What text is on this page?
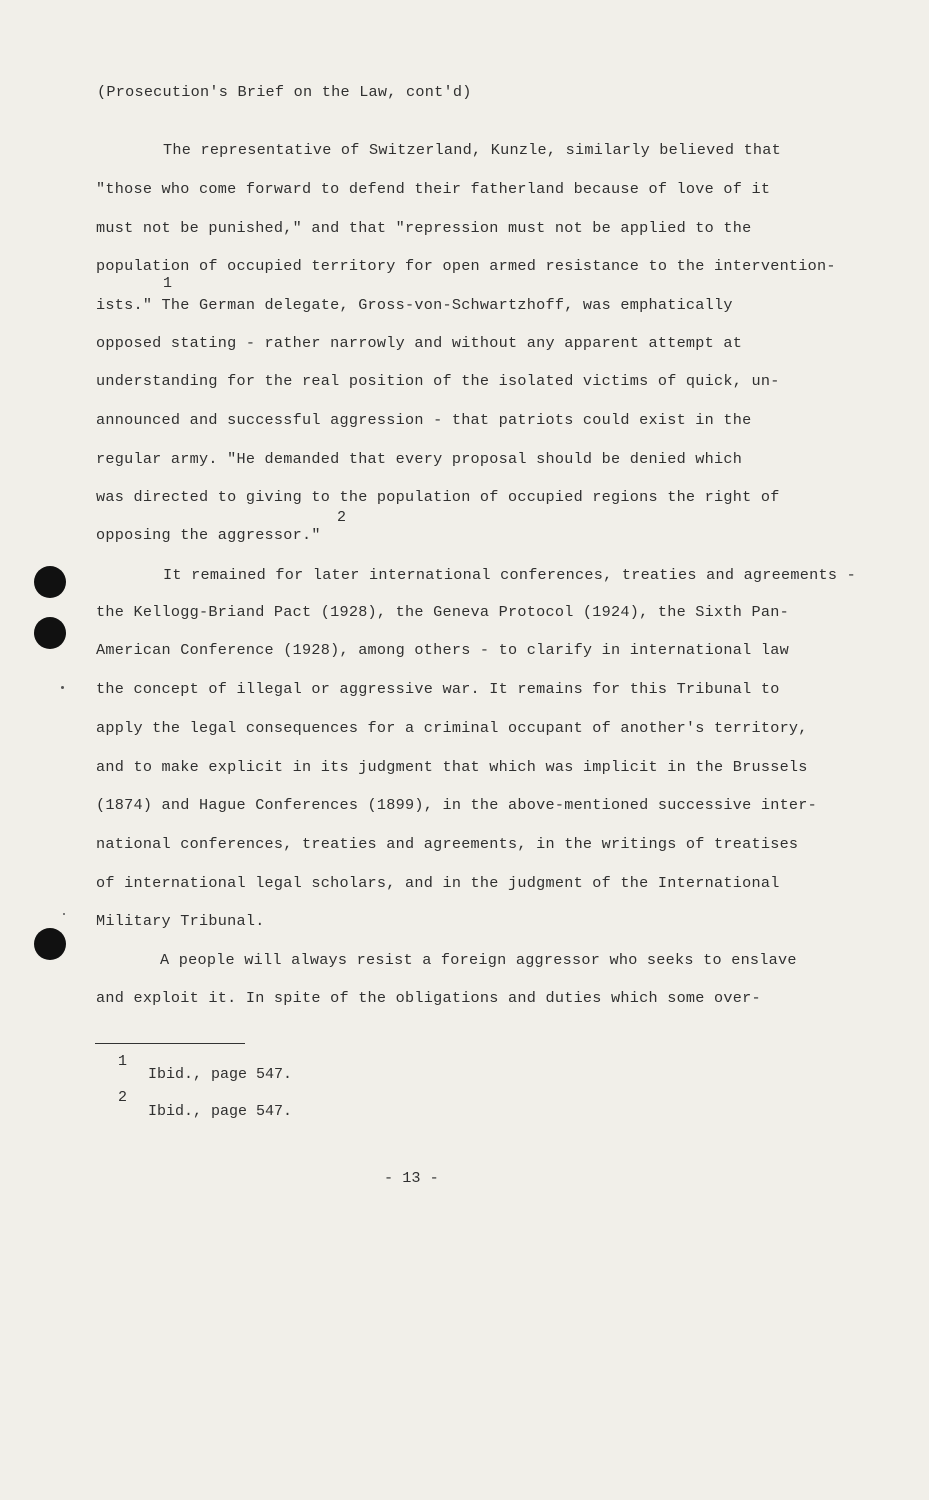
(Prosecution's Brief on the Law, cont'd)
The representative of Switzerland, Kunzle, similarly believed that
"those who come forward to defend their fatherland because of love of it
must not be punished," and that "repression must not be applied to the
population of occupied territory for open armed resistance to the intervention-
1
ists." The German delegate, Gross-von-Schwartzhoff, was emphatically
opposed stating - rather narrowly and without any apparent attempt at
understanding for the real position of the isolated victims of quick, un-
announced and successful aggression - that patriots could exist in the
regular army. "He demanded that every proposal should be denied which
was directed to giving to the population of occupied regions the right of
opposing the aggressor."
2
It remained for later international conferences, treaties and agreements -
the Kellogg-Briand Pact (1928), the Geneva Protocol (1924), the Sixth Pan-
American Conference (1928), among others - to clarify in international law
the concept of illegal or aggressive war. It remains for this Tribunal to
apply the legal consequences for a criminal occupant of another's territory,
and to make explicit in its judgment that which was implicit in the Brussels
(1874) and Hague Conferences (1899), in the above-mentioned successive inter-
national conferences, treaties and agreements, in the writings of treatises
of international legal scholars, and in the judgment of the International
Military Tribunal.
A people will always resist a foreign aggressor who seeks to enslave
and exploit it. In spite of the obligations and duties which some over-
1
Ibid., page 547.
2
Ibid., page 547.
- 13 -
